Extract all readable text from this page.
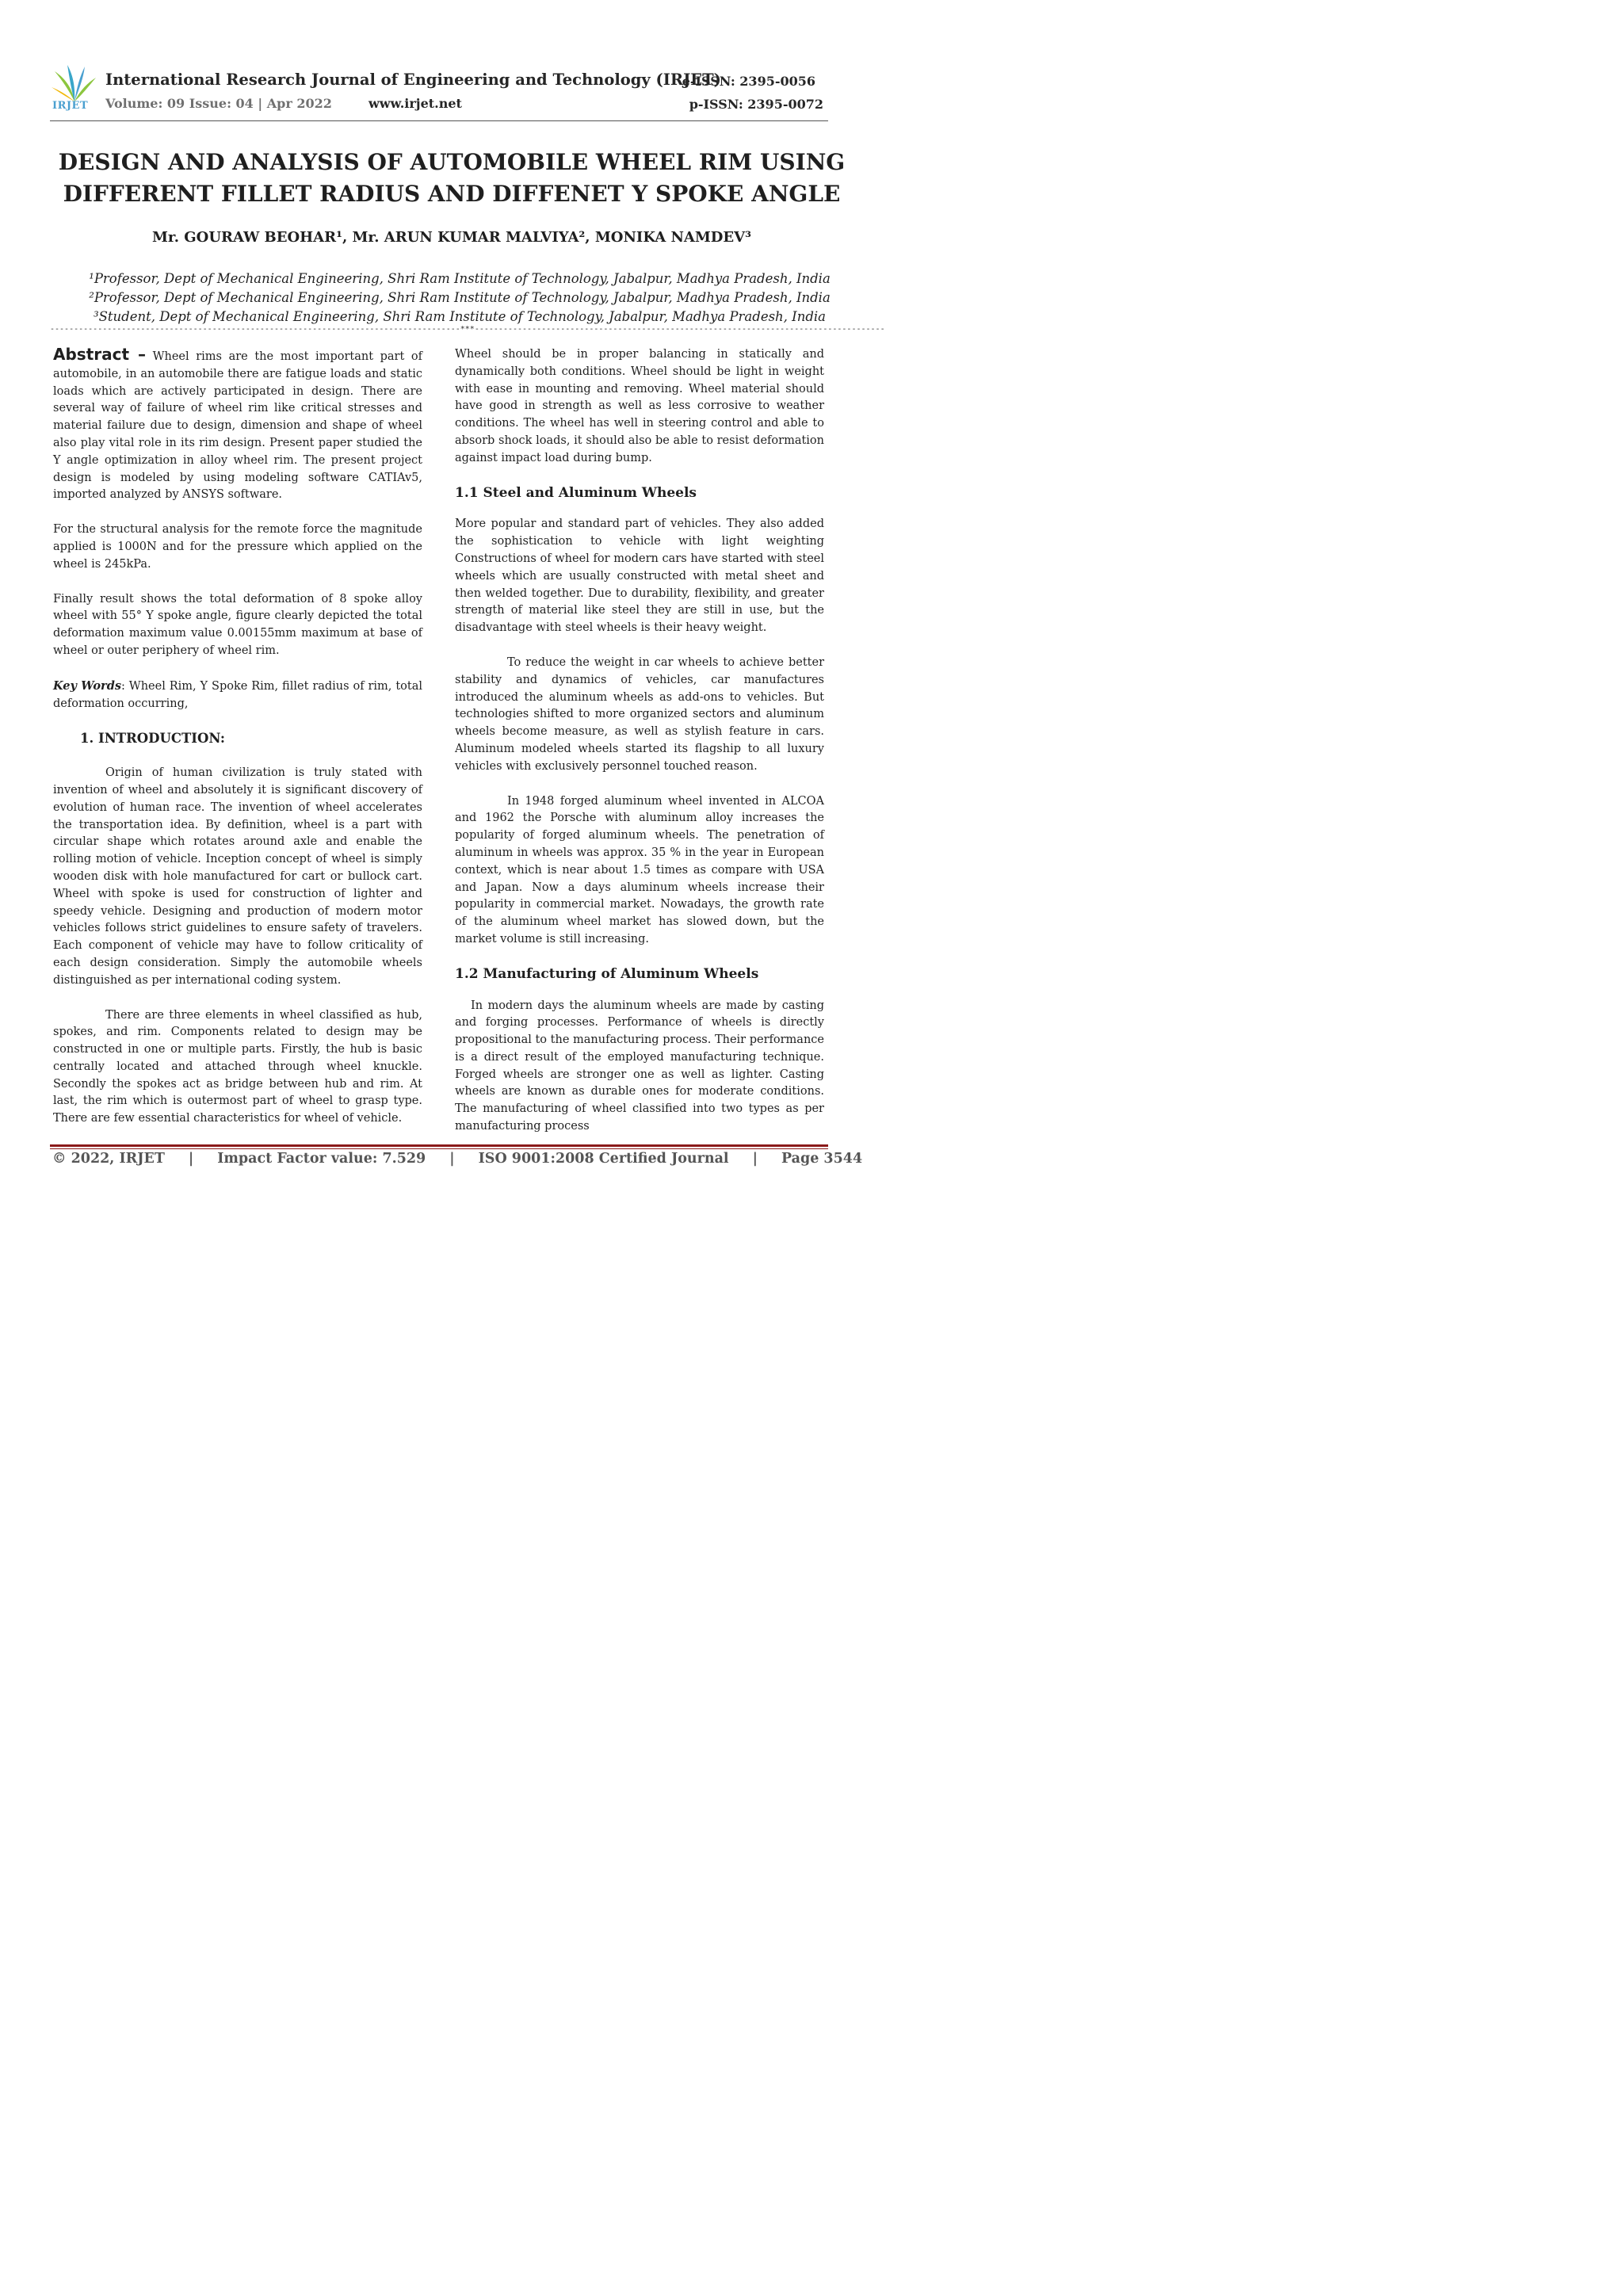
IRJET
International Research Journal of Engineering and Technology (IRJET)
e-ISSN: 2395-0056
Volume: 09 Issue: 04 | Apr 2022	www.irjet.net	p-ISSN: 2395-0072
DESIGN AND ANALYSIS OF AUTOMOBILE WHEEL RIM USING
DIFFERENT FILLET RADIUS AND DIFFENET Y SPOKE ANGLE
Mr. GOURAW BEOHAR¹, Mr. ARUN KUMAR MALVIYA², MONIKA NAMDEV³
¹Professor, Dept of Mechanical Engineering, Shri Ram Institute of Technology, Jabalpur, Madhya Pradesh, India
²Professor, Dept of Mechanical Engineering, Shri Ram Institute of Technology, Jabalpur, Madhya Pradesh, India
³Student, Dept of Mechanical Engineering, Shri Ram Institute of Technology, Jabalpur, Madhya Pradesh, India
--------------------------------------------------------------------------------------***--------------------------------------------------------------------------------------

Abstract – Wheel rims are the most important part of automobile, in an automobile there are fatigue loads and static loads which are actively participated in design. There are several way of failure of wheel rim like critical stresses and material failure due to design, dimension and shape of wheel also play vital role in its rim design. Present paper studied the Y angle optimization in alloy wheel rim. The present project design is modeled by using modeling software CATIAv5, imported analyzed by ANSYS software.

For the structural analysis for the remote force the magnitude applied is 1000N and for the pressure which applied on the wheel is 245kPa.

Finally result shows the total deformation of 8 spoke alloy wheel with 55° Y spoke angle, figure clearly depicted the total deformation maximum value 0.00155mm maximum at base of wheel or outer periphery of wheel rim.

Key Words: Wheel Rim, Y Spoke Rim, fillet radius of rim, total deformation occurring,

1. INTRODUCTION:

Origin of human civilization is truly stated with invention of wheel and absolutely it is significant discovery of evolution of human race. The invention of wheel accelerates the transportation idea. By definition, wheel is a part with circular shape which rotates around axle and enable the rolling motion of vehicle. Inception concept of wheel is simply wooden disk with hole manufactured for cart or bullock cart. Wheel with spoke is used for construction of lighter and speedy vehicle. Designing and production of modern motor vehicles follows strict guidelines to ensure safety of travelers. Each component of vehicle may have to follow criticality of each design consideration. Simply the automobile wheels distinguished as per international coding system.

There are three elements in wheel classified as hub, spokes, and rim. Components related to design may be constructed in one or multiple parts. Firstly, the hub is basic centrally located and attached through wheel knuckle. Secondly the spokes act as bridge between hub and rim. At last, the rim which is outermost part of wheel to grasp type. There are few essential characteristics for wheel of vehicle.

Wheel should be in proper balancing in statically and dynamically both conditions. Wheel should be light in weight with ease in mounting and removing. Wheel material should have good in strength as well as less corrosive to weather conditions. The wheel has well in steering control and able to absorb shock loads, it should also be able to resist deformation against impact load during bump.

1.1 Steel and Aluminum Wheels

More popular and standard part of vehicles. They also added the sophistication to vehicle with light weighting Constructions of wheel for modern cars have started with steel wheels which are usually constructed with metal sheet and then welded together. Due to durability, flexibility, and greater strength of material like steel they are still in use, but the disadvantage with steel wheels is their heavy weight.

To reduce the weight in car wheels to achieve better stability and dynamics of vehicles, car manufactures introduced the aluminum wheels as add-ons to vehicles. But technologies shifted to more organized sectors and aluminum wheels become measure, as well as stylish feature in cars. Aluminum modeled wheels started its flagship to all luxury vehicles with exclusively personnel touched reason.

In 1948 forged aluminum wheel invented in ALCOA and 1962 the Porsche with aluminum alloy increases the popularity of forged aluminum wheels. The penetration of aluminum in wheels was approx. 35 % in the year in European context, which is near about 1.5 times as compare with USA and Japan. Now a days aluminum wheels increase their popularity in commercial market. Nowadays, the growth rate of the aluminum wheel market has slowed down, but the market volume is still increasing.

1.2 Manufacturing of Aluminum Wheels

In modern days the aluminum wheels are made by casting and forging processes. Performance of wheels is directly propositional to the manufacturing process. Their performance is a direct result of the employed manufacturing technique. Forged wheels are stronger one as well as lighter. Casting wheels are known as durable ones for moderate conditions. The manufacturing of wheel classified into two types as per manufacturing process

© 2022, IRJET | Impact Factor value: 7.529 | ISO 9001:2008 Certified Journal | Page 3544
